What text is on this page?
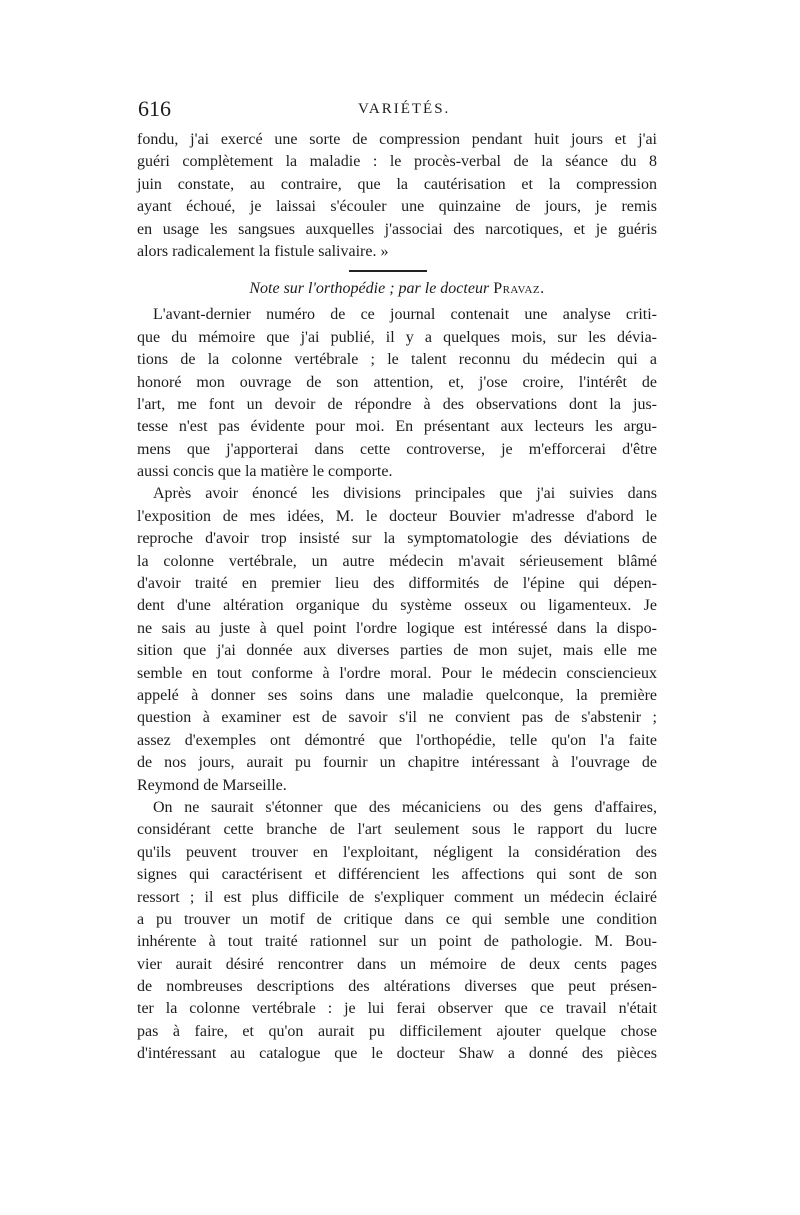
616	VARIÉTÉS.
fondu, j'ai exercé une sorte de compression pendant huit jours et j'ai
guéri complètement la maladie : le procès-verbal de la séance du 8
juin constate, au contraire, que la cautérisation et la compression
ayant échoué, je laissai s'écouler une quinzaine de jours, je remis
en usage les sangsues auxquelles j'associai des narcotiques, et je guéris
alors radicalement la fistule salivaire. »
Note sur l'orthopédie ; par le docteur Pravaz.
L'avant-dernier numéro de ce journal contenait une analyse criti-
que du mémoire que j'ai publié, il y a quelques mois, sur les dévia-
tions de la colonne vertébrale ; le talent reconnu du médecin qui a
honoré mon ouvrage de son attention, et, j'ose croire, l'intérêt de
l'art, me font un devoir de répondre à des observations dont la jus-
tesse n'est pas évidente pour moi. En présentant aux lecteurs les argu-
mens que j'apporterai dans cette controverse, je m'efforcerai d'être
aussi concis que la matière le comporte.
Après avoir énoncé les divisions principales que j'ai suivies dans
l'exposition de mes idées, M. le docteur Bouvier m'adresse d'abord le
reproche d'avoir trop insisté sur la symptomatologie des déviations de
la colonne vertébrale, un autre médecin m'avait sérieusement blâmé
d'avoir traité en premier lieu des difformités de l'épine qui dépen-
dent d'une altération organique du système osseux ou ligamenteux. Je
ne sais au juste à quel point l'ordre logique est intéressé dans la dispo-
sition que j'ai donnée aux diverses parties de mon sujet, mais elle me
semble en tout conforme à l'ordre moral. Pour le médecin consciencieux
appelé à donner ses soins dans une maladie quelconque, la première
question à examiner est de savoir s'il ne convient pas de s'abstenir ;
assez d'exemples ont démontré que l'orthopédie, telle qu'on l'a faite
de nos jours, aurait pu fournir un chapitre intéressant à l'ouvrage de
Reymond de Marseille.
On ne saurait s'étonner que des mécaniciens ou des gens d'affaires,
considérant cette branche de l'art seulement sous le rapport du lucre
qu'ils peuvent trouver en l'exploitant, négligent la considération des
signes qui caractérisent et différencient les affections qui sont de son
ressort ; il est plus difficile de s'expliquer comment un médecin éclairé
a pu trouver un motif de critique dans ce qui semble une condition
inhérente à tout traité rationnel sur un point de pathologie. M. Bou-
vier aurait désiré rencontrer dans un mémoire de deux cents pages
de nombreuses descriptions des altérations diverses que peut présen-
ter la colonne vertébrale : je lui ferai observer que ce travail n'était
pas à faire, et qu'on aurait pu difficilement ajouter quelque chose
d'intéressant au catalogue que le docteur Shaw a donné des pièces
